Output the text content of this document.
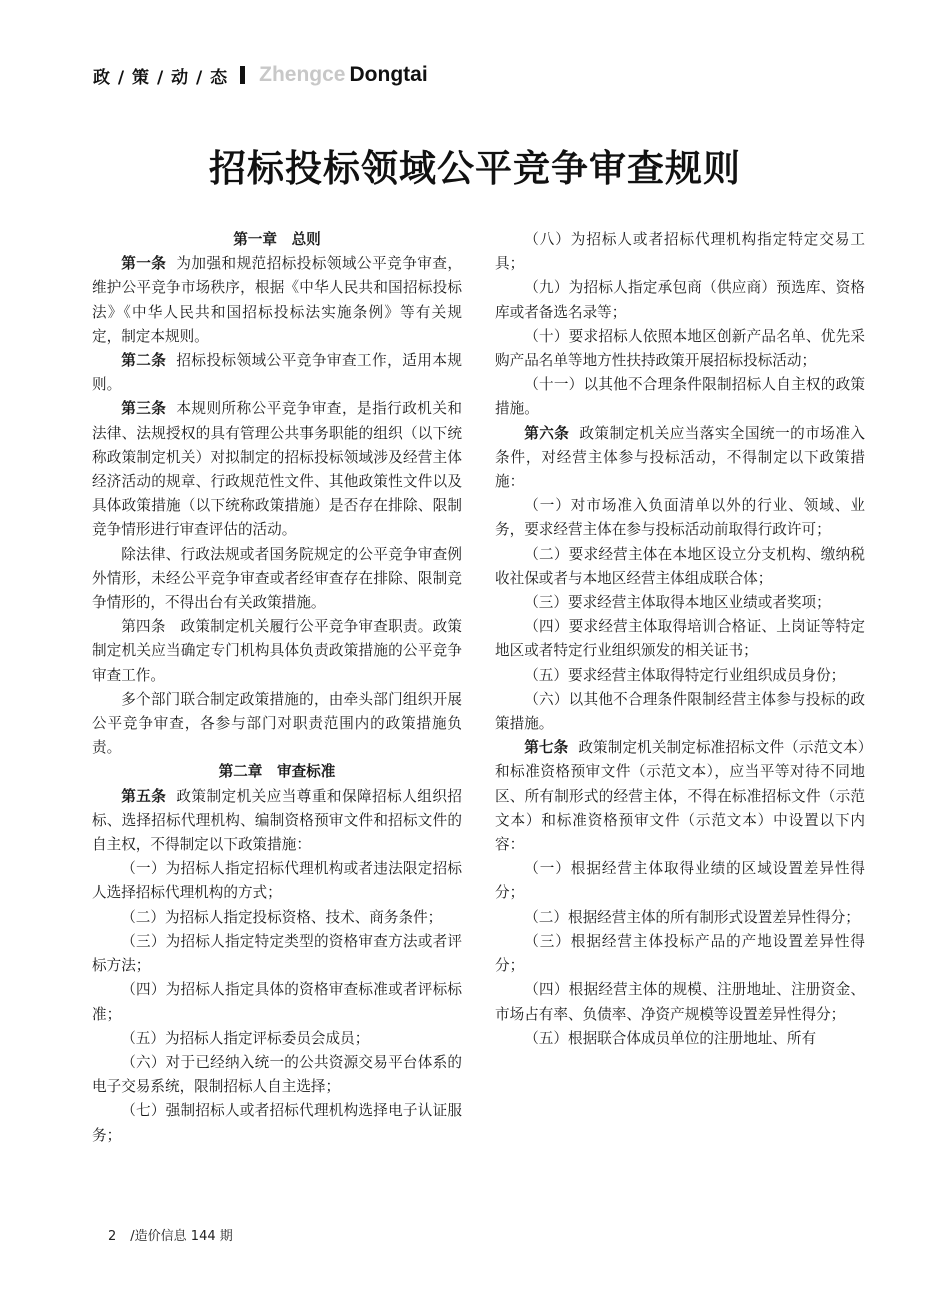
政 / 策 / 动 / 态 Zhengce Dongtai
招标投标领域公平竞争审查规则
第一章　总则

第一条 为加强和规范招标投标领域公平竞争审查，维护公平竞争市场秩序，根据《中华人民共和国招标投标法》《中华人民共和国招标投标法实施条例》等有关规定，制定本规则。

第二条 招标投标领域公平竞争审查工作，适用本规则。

第三条 本规则所称公平竞争审查，是指行政机关和法律、法规授权的具有管理公共事务职能的组织（以下统称政策制定机关）对拟制定的招标投标领域涉及经营主体经济活动的规章、行政规范性文件、其他政策性文件以及具体政策措施（以下统称政策措施）是否存在排除、限制竞争情形进行审查评估的活动。

除法律、行政法规或者国务院规定的公平竞争审查例外情形，未经公平竞争审查或者经审查存在排除、限制竞争情形的，不得出台有关政策措施。

第四条　政策制定机关履行公平竞争审查职责。政策制定机关应当确定专门机构具体负责政策措施的公平竞争审查工作。

多个部门联合制定政策措施的，由牵头部门组织开展公平竞争审查，各参与部门对职责范围内的政策措施负责。

第二章　审查标准

第五条 政策制定机关应当尊重和保障招标人组织招标、选择招标代理机构、编制资格预审文件和招标文件的自主权，不得制定以下政策措施：

（一）为招标人指定招标代理机构或者违法限定招标人选择招标代理机构的方式；

（二）为招标人指定投标资格、技术、商务条件；

（三）为招标人指定特定类型的资格审查方法或者评标方法；

（四）为招标人指定具体的资格审查标准或者评标标准；

（五）为招标人指定评标委员会成员；

（六）对于已经纳入统一的公共资源交易平台体系的电子交易系统，限制招标人自主选择；

（七）强制招标人或者招标代理机构选择电子认证服务；

（八）为招标人或者招标代理机构指定特定交易工具；

（九）为招标人指定承包商（供应商）预选库、资格库或者备选名录等；

（十）要求招标人依照本地区创新产品名单、优先采购产品名单等地方性扶持政策开展招标投标活动；

（十一）以其他不合理条件限制招标人自主权的政策措施。

第六条 政策制定机关应当落实全国统一的市场准入条件，对经营主体参与投标活动，不得制定以下政策措施：

（一）对市场准入负面清单以外的行业、领域、业务，要求经营主体在参与投标活动前取得行政许可；

（二）要求经营主体在本地区设立分支机构、缴纳税收社保或者与本地区经营主体组成联合体；

（三）要求经营主体取得本地区业绩或者奖项；

（四）要求经营主体取得培训合格证、上岗证等特定地区或者特定行业组织颁发的相关证书；

（五）要求经营主体取得特定行业组织成员身份；

（六）以其他不合理条件限制经营主体参与投标的政策措施。

第七条 政策制定机关制定标准招标文件（示范文本）和标准资格预审文件（示范文本），应当平等对待不同地区、所有制形式的经营主体，不得在标准招标文件（示范文本）和标准资格预审文件（示范文本）中设置以下内容：

（一）根据经营主体取得业绩的区域设置差异性得分；

（二）根据经营主体的所有制形式设置差异性得分；

（三）根据经营主体投标产品的产地设置差异性得分；

（四）根据经营主体的规模、注册地址、注册资金、市场占有率、负债率、净资产规模等设置差异性得分；

（五）根据联合体成员单位的注册地址、所有

2 /造价信息 144 期
